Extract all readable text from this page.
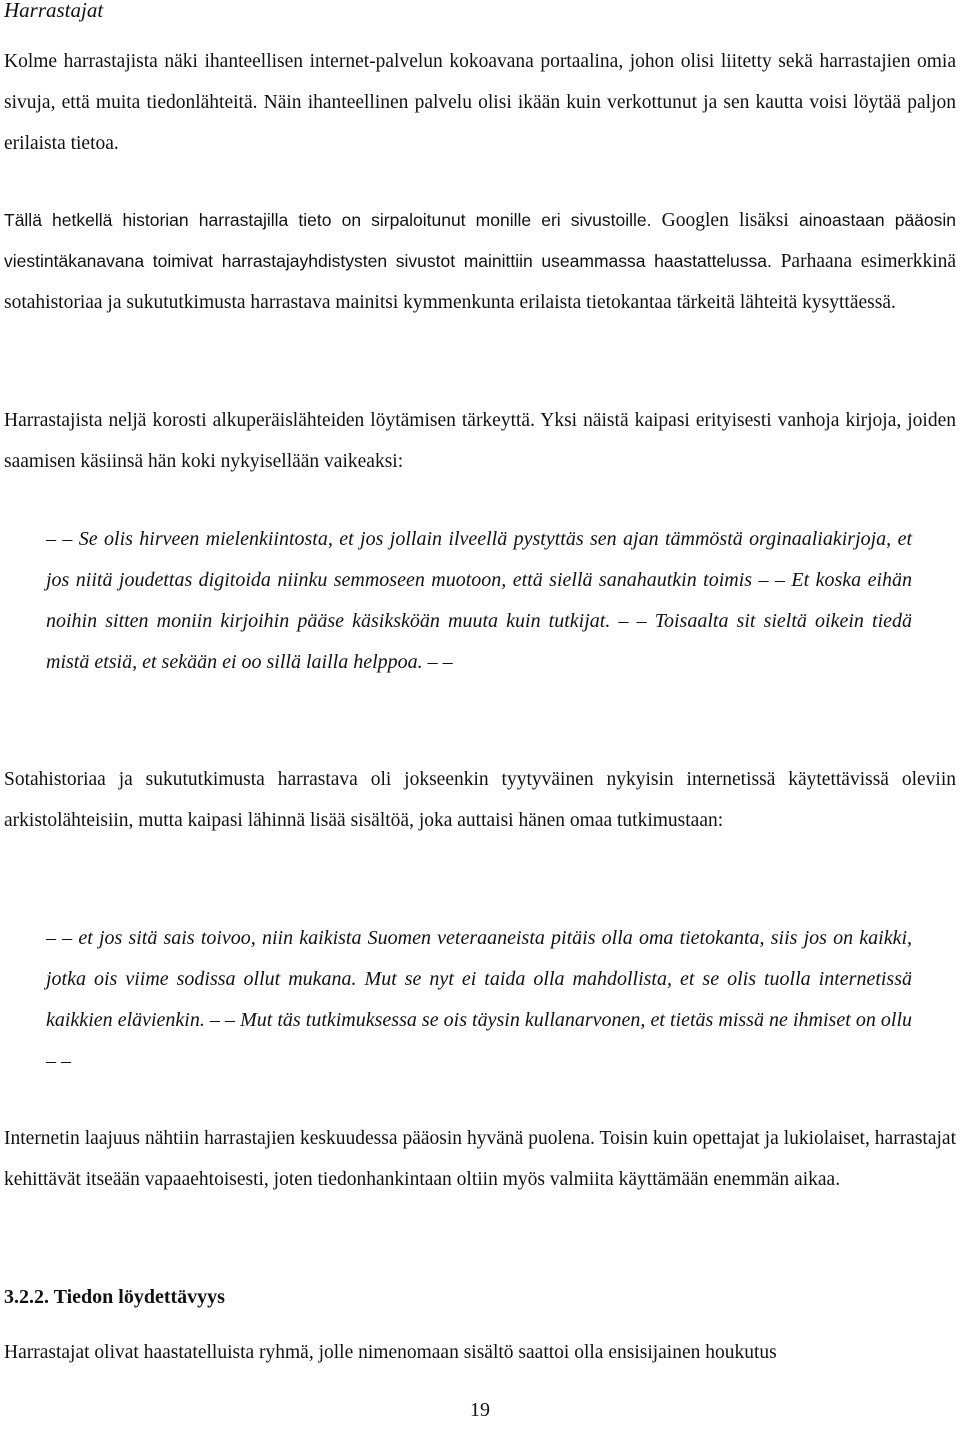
Harrastajat

Kolme harrastajista näki ihanteellisen internet-palvelun kokoavana portaalina, johon olisi liitetty sekä harrastajien omia sivuja, että muita tiedonlähteitä. Näin ihanteellinen palvelu olisi ikään kuin verkottunut ja sen kautta voisi löytää paljon erilaista tietoa.

Tällä hetkellä historian harrastajilla tieto on sirpaloitunut monille eri sivustoille. Googlen lisäksi ainoastaan pääosin viestintäkanavana toimivat harrastajayhdistysten sivustot mainittiin useammassa haastattelussa. Parhaana esimerkkinä sotahistoriaa ja sukututkimusta harrastava mainitsi kymmenkunta erilaista tietokantaa tärkeitä lähteitä kysyttäessä.

Harrastajista neljä korosti alkuperäislähteiden löytämisen tärkeyttä. Yksi näistä kaipasi erityisesti vanhoja kirjoja, joiden saamisen käsiinsä hän koki nykyisellään vaikeaksi:

– – Se olis hirveen mielenkiintosta, et jos jollain ilveellä pystyttäs sen ajan tämmöstä orginaaliakirjoja, et jos niitä joudettas digitoida niinku semmoseen muotoon, että siellä sanahautkin toimis – – Et koska eihän noihin sitten moniin kirjoihin pääse käsiksköän muuta kuin tutkijat. – – Toisaalta sit sieltä oikein tiedä mistä etsiä, et sekään ei oo sillä lailla helppoa. – –

Sotahistoriaa ja sukututkimusta harrastava oli jokseenkin tyytyväinen nykyisin internetissä käytettävissä oleviin arkistolähteisiin, mutta kaipasi lähinnä lisää sisältöä, joka auttaisi hänen omaa tutkimustaan:

– – et jos sitä sais toivoo, niin kaikista Suomen veteraaneista pitäis olla oma tietokanta, siis jos on kaikki, jotka ois viime sodissa ollut mukana. Mut se nyt ei taida olla mahdollista, et se olis tuolla internetissä kaikkien elävienkin. – – Mut täs tutkimuksessa se ois täysin kullanarvonen, et tietäs missä ne ihmiset on ollu – –

Internetin laajuus nähtiin harrastajien keskuudessa pääosin hyvänä puolena. Toisin kuin opettajat ja lukiolaiset, harrastajat kehittävät itseään vapaaehtoisesti, joten tiedonhankintaan oltiin myös valmiita käyttämään enemmän aikaa.

3.2.2. Tiedon löydettävyys

Harrastajat olivat haastatelluista ryhmä, jolle nimenomaan sisältö saattoi olla ensisijainen houkutus

19
